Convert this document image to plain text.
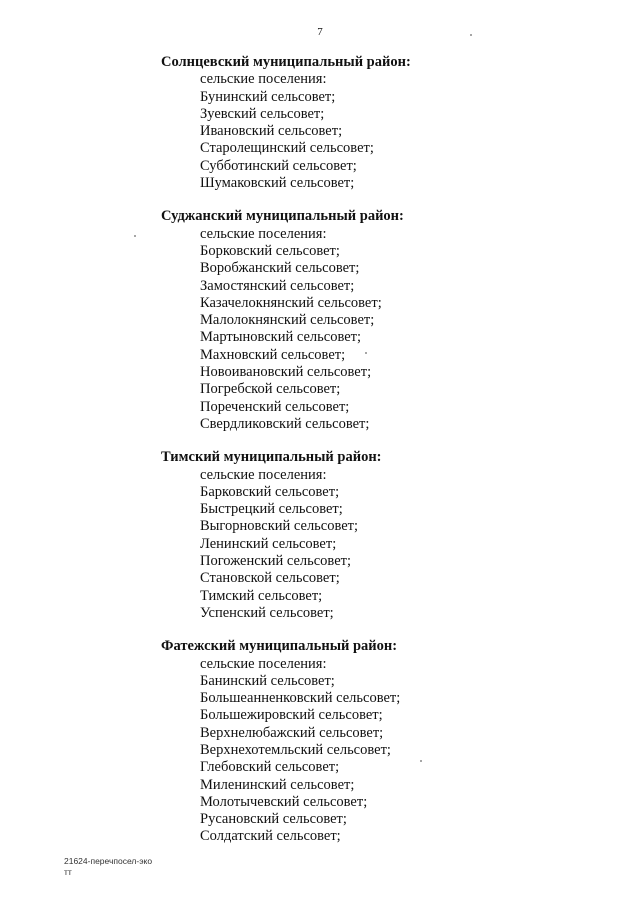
7
Солнцевский муниципальный район:
сельские поселения:
Бунинский сельсовет;
Зуевский сельсовет;
Ивановский сельсовет;
Старолещинский сельсовет;
Субботинский сельсовет;
Шумаковский сельсовет;
Суджанский муниципальный район:
сельские поселения:
Борковский сельсовет;
Воробжанский сельсовет;
Замостянский сельсовет;
Казачелокнянский сельсовет;
Малолокнянский сельсовет;
Мартыновский сельсовет;
Махновский сельсовет;
Новоивановский сельсовет;
Погребской сельсовет;
Пореченский сельсовет;
Свердликовский сельсовет;
Тимский муниципальный район:
сельские поселения:
Барковский сельсовет;
Быстрецкий сельсовет;
Выгорновский сельсовет;
Ленинский сельсовет;
Погоженский сельсовет;
Становской сельсовет;
Тимский сельсовет;
Успенский сельсовет;
Фатежский муниципальный район:
сельские поселения:
Банинский сельсовет;
Большеанненковский сельсовет;
Большежировский сельсовет;
Верхнелюбажский сельсовет;
Верхнехотемльский сельсовет;
Глебовский сельсовет;
Миленинский сельсовет;
Молотычевский сельсовет;
Русановский сельсовет;
Солдатский сельсовет;
21624-перечпосел-эко
тт
